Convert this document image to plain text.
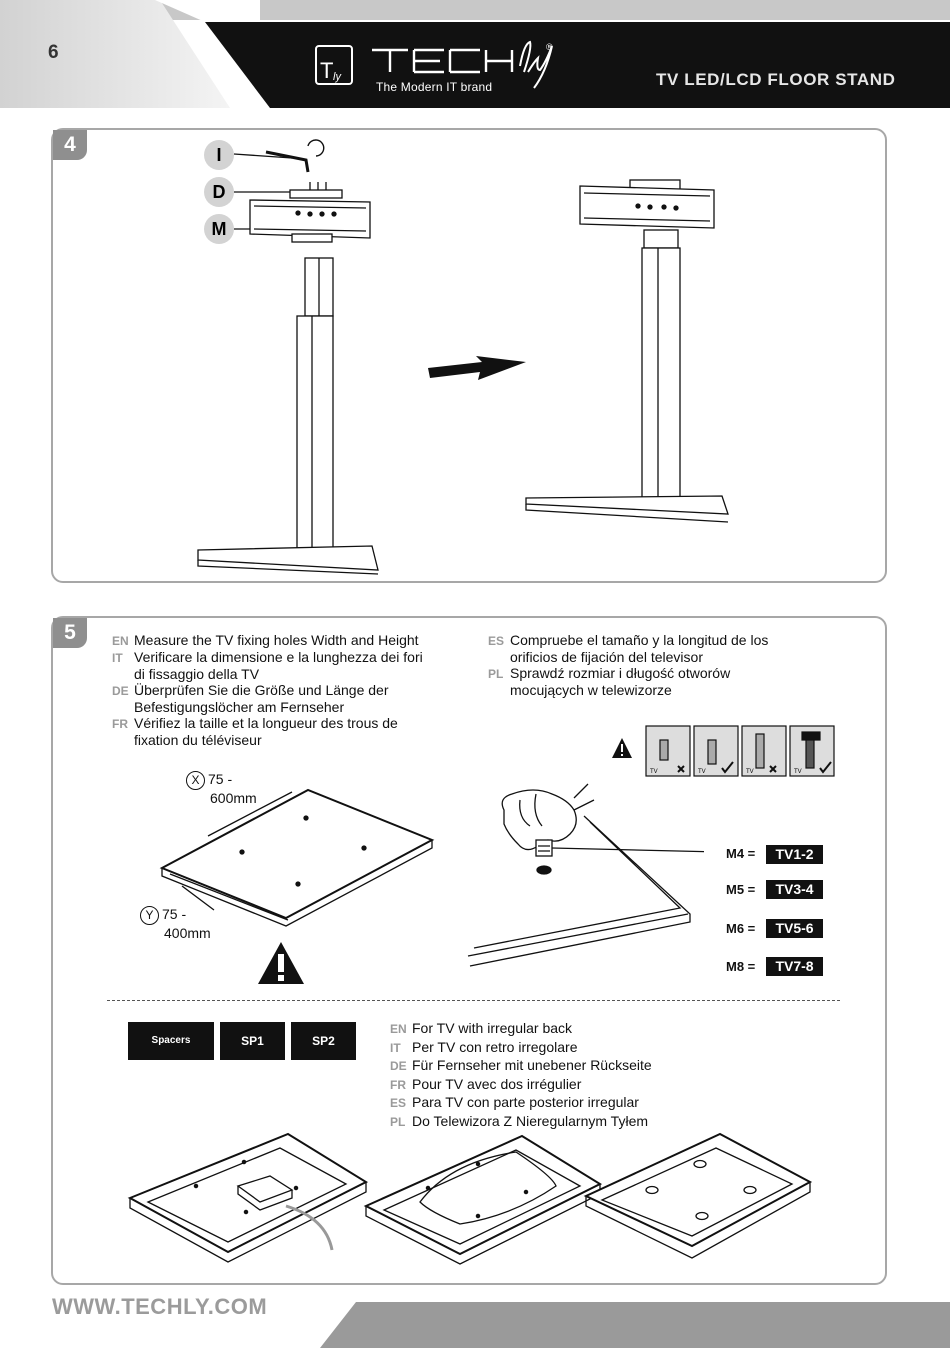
T ly
®
6
The Modern IT brand	TV LED/LCD FLOOR STAND
4	I
D
M
5	EN Measure the TV fixing holes Width and Height
IT Verificare la dimensione e la lunghezza dei fori
di fissaggio della TV
DE Überprüfen Sie die Größe und Länge der
Befestigungslöcher am Fernseher
FR Vérifiez la taille et la longueur des trous de
fixation du téléviseur
ES Compruebe el tamaño y la longitud de los
orificios de fijación del televisor
PL Sprawdź rozmiar i długość otworów
mocujących w telewizorze
TV	TV	TV	TV
X 75 -
600mm
Y 75 -
400mm
M4 =	TV1-2
M5 =	TV3-4
M6 =	TV5-6
M8 =	TV7-8
Spacers	SP1	SP2
EN For TV with irregular back
IT Per TV con retro irregolare
DE Für Fernseher mit unebener Rückseite
FR Pour TV avec dos irrégulier
ES Para TV con parte posterior irregular
PL Do Telewizora Z Nieregularnym Tyłem
WWW.TECHLY.COM
